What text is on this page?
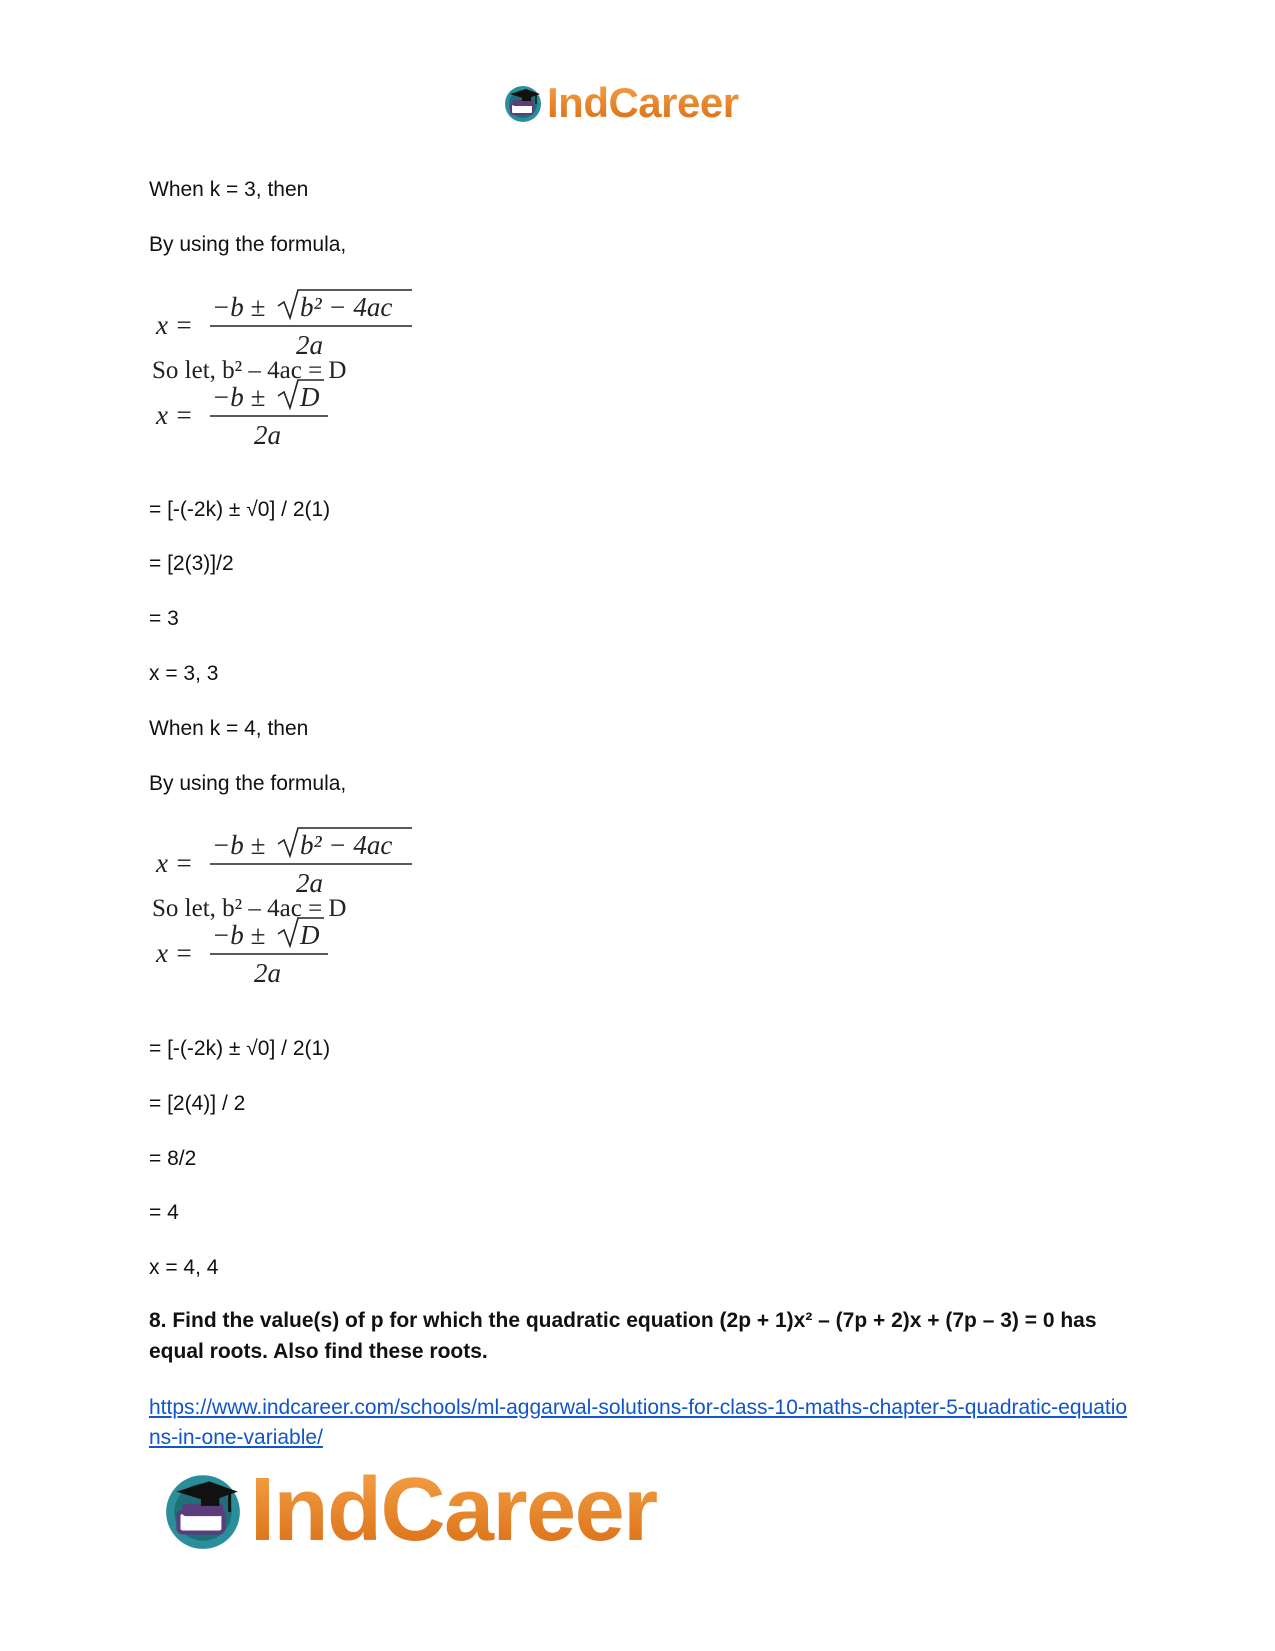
IndCareer
When k = 3, then
By using the formula,
x =
−b ± b² − 4ac
2a
So let, b² – 4ac = D
x =
−b ± D
2a
= [-(-2k) ± √0] / 2(1)
= [2(3)]/2
= 3
x = 3, 3
When k = 4, then
By using the formula,
x =
−b ± b² − 4ac
2a
So let, b² – 4ac = D
x =
−b ± D
2a
= [-(-2k) ± √0] / 2(1)
= [2(4)] / 2
= 8/2
= 4
x = 4, 4
8. Find the value(s) of p for which the quadratic equation (2p + 1)x² – (7p + 2)x + (7p – 3) = 0 has equal roots. Also find these roots.
https://www.indcareer.com/schools/ml-aggarwal-solutions-for-class-10-maths-chapter-5-quadratic-equations-in-one-variable/
IndCareer
